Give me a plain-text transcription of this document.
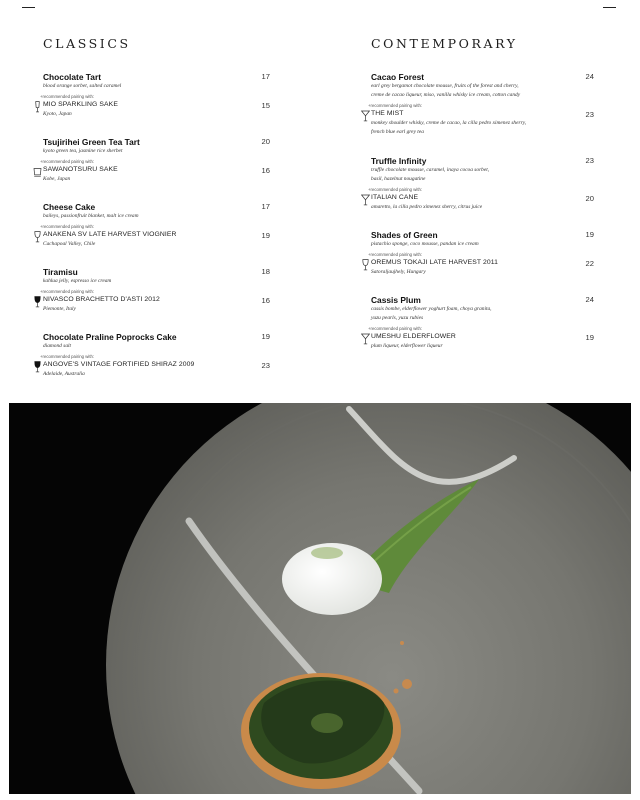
CLASSICS
Chocolate Tart	17
blood orange sorbet, salted caramel
+recommended pairing with:
MIO SPARKLING SAKE	15
Kyoto, Japan
Tsujirihei Green Tea Tart	20
kyoto green tea, jasmine rice sherbet
+recommended pairing with:
SAWANOTSURU SAKE	16
Kobe, Japan
Cheese Cake	17
baileys, passionfruit blanket, malt ice cream
+recommended pairing with:
ANAKENA SV LATE HARVEST VIOGNIER	19
Cachapoal Valley, Chile
Tiramisu	18
kahlua jelly, espresso ice cream
+recommended pairing with:
NIVASCO BRACHETTO D'ASTI 2012	16
Piemonte, Italy
Chocolate Praline Poprocks Cake	19
diamond salt
+recommended pairing with:
ANGOVE'S VINTAGE FORTIFIED SHIRAZ 2009	23
Adelaide, Australia
CONTEMPORARY
Cacao Forest	24
earl grey bergamot chocolate mousse, fruits of the forest and cherry,
creme de cacao liqueur, miso, vanilla whisky ice cream, cotton candy
+recommended pairing with:
THE MIST	23
monkey shoulder whisky, creme de cacao, la cilla pedro ximenez sherry,
french blue earl grey tea
Truffle Infinity	23
truffle chocolate mousse, caramel, inaya cocoa sorbet,
basil, hazelnut nougatine
+recommended pairing with:
ITALIAN CANE	20
amaretto, la cilla pedro ximenez sherry, citrus juice
Shades of Green	19
pistachio sponge, coco mousse, pandan ice cream
+recommended pairing with:
OREMUS TOKAJI LATE HARVEST 2011	22
Satoraljaujhely, Hungary
Cassis Plum	24
cassis bombe, elderflower yoghurt foam, choya granita,
yuzu pearls, yuzu rubies
+recommended pairing with:
UMESHU ELDERFLOWER	19
plum liqueur, elderflower liqueur
